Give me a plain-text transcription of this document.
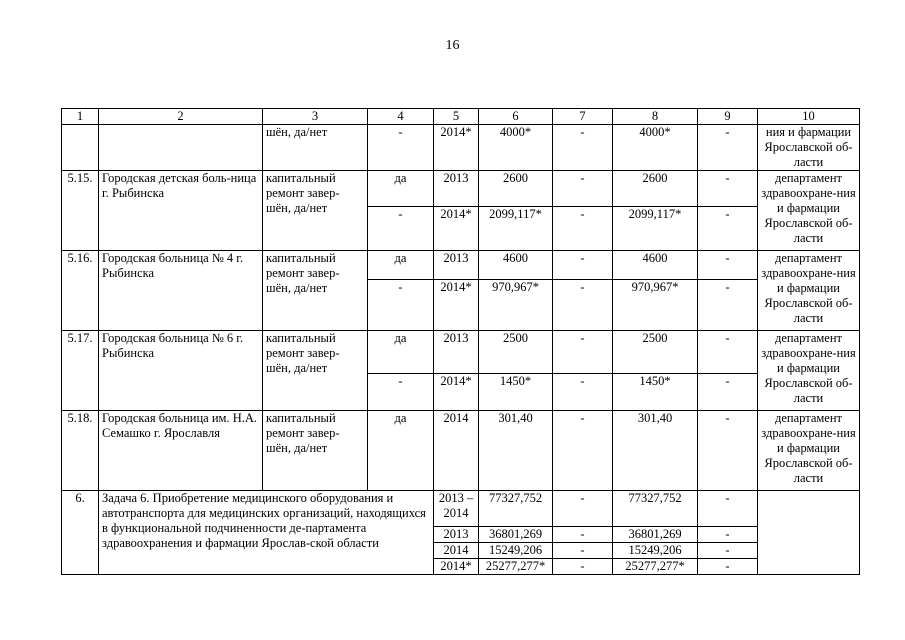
16
1	2	3	4	5	6	7	8	9	10
		шён, да/нет	-	2014*	4000*	-	4000*	-	ния и фармации Ярославской об-ласти
5.15.	Городская детская боль-ница г. Рыбинска	капитальный ремонт завер-шён, да/нет	да	2013	2600	-	2600	-	департамент здравоохране-ния и фармации Ярославской об-ласти
			-	2014*	2099,117*	-	2099,117*	-	
5.16.	Городская больница № 4 г. Рыбинска	капитальный ремонт завер-шён, да/нет	да	2013	4600	-	4600	-	департамент здравоохране-ния и фармации Ярославской об-ласти
			-	2014*	970,967*	-	970,967*	-	
5.17.	Городская больница № 6 г. Рыбинска	капитальный ремонт завер-шён, да/нет	да	2013	2500	-	2500	-	департамент здравоохране-ния и фармации Ярославской об-ласти
			-	2014*	1450*	-	1450*	-	
5.18.	Городская больница им. Н.А. Семашко г. Ярославля	капитальный ремонт завер-шён, да/нет	да	2014	301,40	-	301,40	-	департамент здравоохране-ния и фармации Ярославской об-ласти
6.	Задача 6. Приобретение медицинского оборудования и автотранспорта для медицинских организаций, находящихся в функциональной подчиненности де-партамента здравоохранения и фармации Ярослав-ской области			2013 – 2014	77327,752	-	77327,752	-	
				2013	36801,269	-	36801,269	-	
				2014	15249,206	-	15249,206	-	
				2014*	25277,277*	-	25277,277*	-	
